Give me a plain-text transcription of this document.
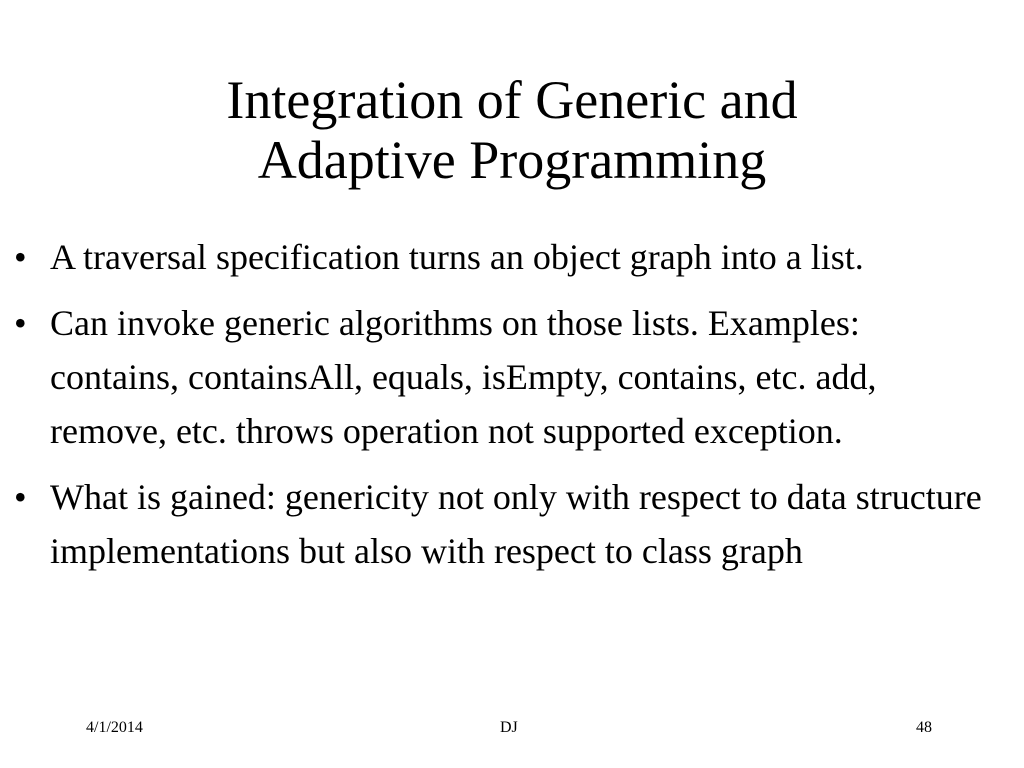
Integration of Generic and
Adaptive Programming
• A traversal specification turns an object graph into a list.
• Can invoke generic algorithms on those lists. Examples: contains, containsAll, equals, isEmpty, contains, etc. add, remove, etc. throws operation not supported exception.
• What is gained: genericity not only with respect to data structure implementations but also with respect to class graph
4/1/2014	DJ	48
